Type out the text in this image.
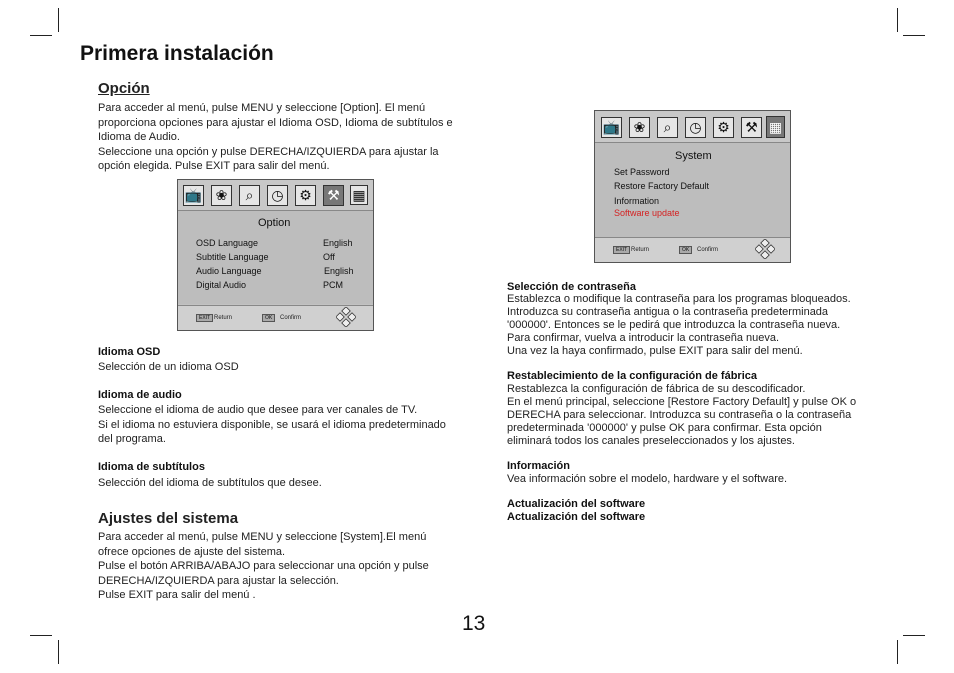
Primera instalación
Opción
Para acceder al menú, pulse MENU y seleccione [Option]. El menú
proporciona opciones para ajustar el Idioma OSD, Idioma de subtítulos e
Idioma de Audio.
Seleccione una opción y pulse DERECHA/IZQUIERDA para ajustar la
opción elegida. Pulse EXIT para salir del menú.
📺 ❀	⌕	◷	⚙	⚒ ▦
Option
OSD Language	English
Subtitle Language	Off
Audio Language	English
Digital Audio	PCM
EXIT Return	OK	Confirm
Idioma OSD
Selección de un idioma OSD
Idioma de audio
Seleccione el idioma de audio que desee para ver canales de TV.
Si el idioma no estuviera disponible, se usará el idioma predeterminado
del programa.
Idioma de subtítulos
Selección del idioma de subtítulos que desee.
Ajustes del sistema
Para acceder al menú, pulse MENU y seleccione [System].El menú
ofrece opciones de ajuste del sistema.
Pulse el botón ARRIBA/ABAJO para seleccionar una opción y pulse
DERECHA/IZQUIERDA para ajustar la selección.
Pulse EXIT para salir del menú .
📺 ❀	⌕	◷	⚙	⚒ ▦
System
Set Password
Restore Factory Default
Information
Software update
EXIT Return	OK	Confirm
Selección de contraseña
Establezca o modifique la contraseña para los programas bloqueados.
Introduzca su contraseña antigua o la contraseña predeterminada
'000000'. Entonces se le pedirá que introduzca la contraseña nueva.
Para confirmar, vuelva a introducir la contraseña nueva.
Una vez la haya confirmado, pulse EXIT para salir del menú.
Restablecimiento de la configuración de fábrica
Restablezca la configuración de fábrica de su descodificador.
En el menú principal, seleccione [Restore Factory Default] y pulse OK o
DERECHA para seleccionar. Introduzca su contraseña o la contraseña
predeterminada '000000' y pulse OK para confirmar. Esta opción
eliminará todos los canales preseleccionados y los ajustes.
Información
Vea información sobre el modelo, hardware y el software.
Actualización del software
Actualización del software
13
